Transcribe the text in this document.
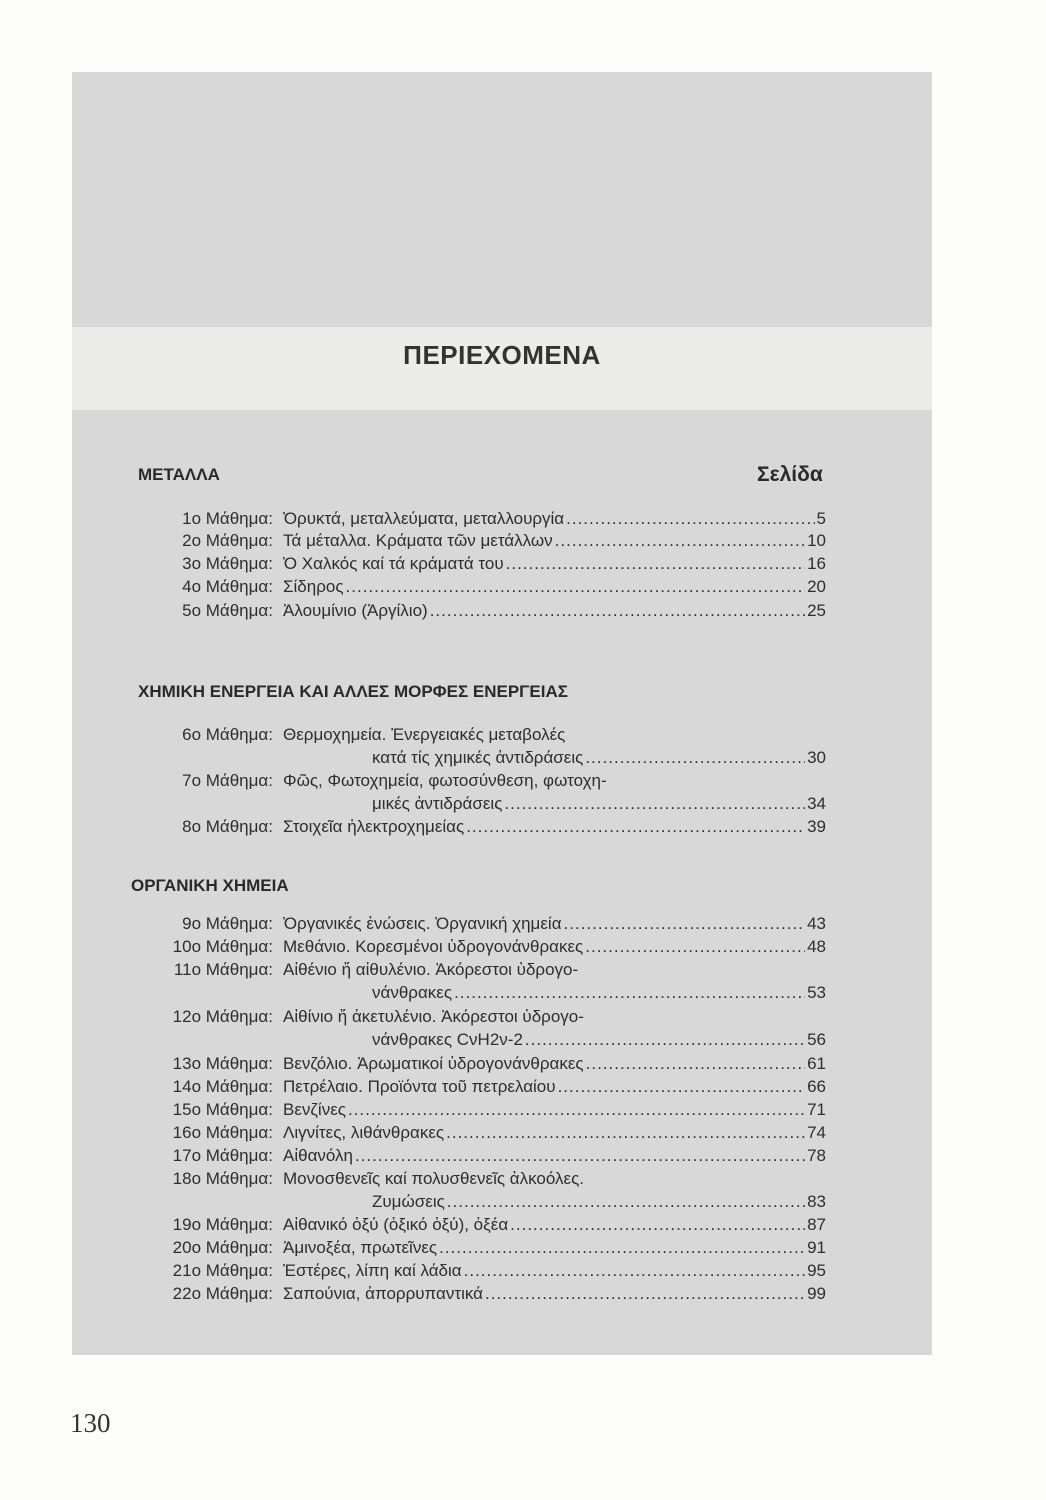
ΠΕΡΙΕΧΟΜΕΝΑ
ΜΕΤΑΛΛΑ	Σελίδα
ΧΗΜΙΚΗ ΕΝΕΡΓΕΙΑ ΚΑΙ ΑΛΛΕΣ ΜΟΡΦΕΣ ΕΝΕΡΓΕΙΑΣ
ΟΡΓΑΝΙΚΗ ΧΗΜΕΙΑ
1ο Μάθημα: Ὀρυκτά, μεταλλεύματα, μεταλλουργία .....	5
2ο Μάθημα: Τά μέταλλα. Κράματα τῶν μετάλλων .....	10
3ο Μάθημα: Ὁ Χαλκός καί τά κράματά του .....	16
4ο Μάθημα: Σίδηρος .....	20
5ο Μάθημα: Ἀλουμίνιο (Ἀργίλιο) .....	25
6ο Μάθημα: Θερμοχημεία. Ἐνεργειακές μεταβολές
κατά τίς χημικές ἀντιδράσεις .....	30
7ο Μάθημα: Φῶς, Φωτοχημεία, φωτοσύνθεση, φωτοχη-
μικές ἀντιδράσεις .....	34
8ο Μάθημα: Στοιχεῖα ἠλεκτροχημείας .....	39
9ο Μάθημα: Ὀργανικές ἑνώσεις. Ὀργανική χημεία .....	43
10ο Μάθημα: Μεθάνιο. Κορεσμένοι ὑδρογονάνθρακες .....	48
11ο Μάθημα: Αἰθένιο ἤ αἰθυλένιο. Ἀκόρεστοι ὑδρογο-
νάνθρακες .....	53
12ο Μάθημα: Αἰθίνιο ἤ ἀκετυλένιο. Ἀκόρεστοι ὑδρογο-
νάνθρακες CνH2ν-2 .....	56
13ο Μάθημα: Βενζόλιο. Ἀρωματικοί ὑδρογονάνθρακες .....	61
14ο Μάθημα: Πετρέλαιο. Προϊόντα τοῦ πετρελαίου .....	66
15ο Μάθημα: Βενζίνες .....	71
16ο Μάθημα: Λιγνίτες, λιθάνθρακες .....	74
17ο Μάθημα: Αἰθανόλη .....	78
18ο Μάθημα: Μονοσθενεῖς καί πολυσθενεῖς ἀλκοόλες.
Ζυμώσεις .....	83
19ο Μάθημα: Αἰθανικό ὀξύ (ὀξικό ὀξύ), ὀξέα .....	87
20ο Μάθημα: Ἀμινοξέα, πρωτεῖνες .....	91
21ο Μάθημα: Ἐστέρες, λίπη καί λάδια .....	95
22ο Μάθημα: Σαπούνια, ἀπορρυπαντικά .....	99
130
